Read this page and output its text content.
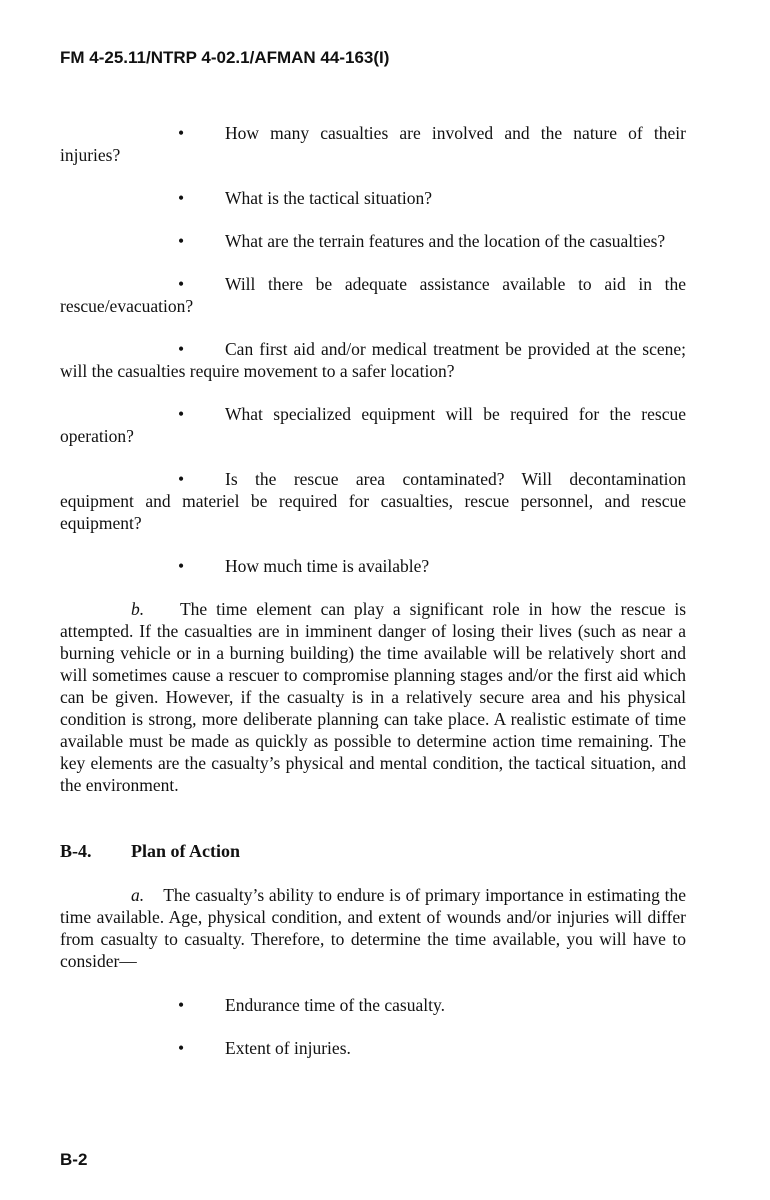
FM 4-25.11/NTRP 4-02.1/AFMAN 44-163(I)

• How many casualties are involved and the nature of their injuries?

• What is the tactical situation?

• What are the terrain features and the location of the casualties?

• Will there be adequate assistance available to aid in the rescue/evacuation?

• Can first aid and/or medical treatment be provided at the scene; will the casualties require movement to a safer location?

• What specialized equipment will be required for the rescue operation?

• Is the rescue area contaminated? Will decontamination equipment and materiel be required for casualties, rescue personnel, and rescue equipment?

• How much time is available?

b. The time element can play a significant role in how the rescue is attempted. If the casualties are in imminent danger of losing their lives (such as near a burning vehicle or in a burning building) the time available will be relatively short and will sometimes cause a rescuer to compromise planning stages and/or the first aid which can be given. However, if the casualty is in a relatively secure area and his physical condition is strong, more deliberate planning can take place. A realistic estimate of time available must be made as quickly as possible to determine action time remaining. The key elements are the casualty’s physical and mental condition, the tactical situation, and the environment.

B-4. Plan of Action

a. The casualty’s ability to endure is of primary importance in estimating the time available. Age, physical condition, and extent of wounds and/or injuries will differ from casualty to casualty. Therefore, to determine the time available, you will have to consider—

• Endurance time of the casualty.

• Extent of injuries.

B-2
